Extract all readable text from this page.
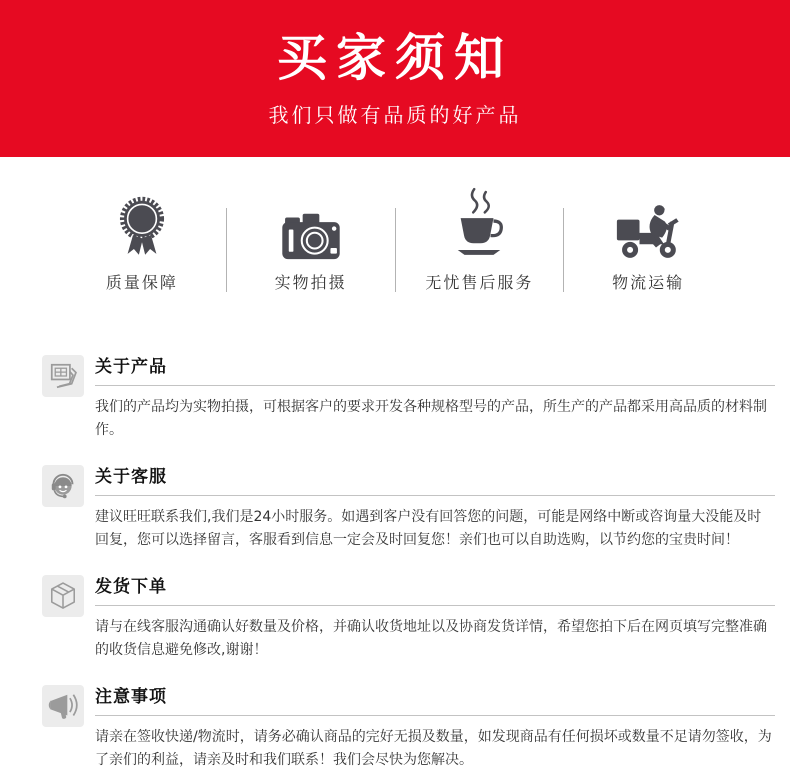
买家须知
我们只做有品质的好产品
质量保障	实物拍摄	无忧售后服务	物流运输
关于产品

我们的产品均为实物拍摄，可根据客户的要求开发各种规格型号的产品，所生产的产品都采用高品质的材料制作。

关于客服

建议旺旺联系我们,我们是24小时服务。如遇到客户没有回答您的问题，可能是网络中断或咨询量大没能及时回复，您可以选择留言，客服看到信息一定会及时回复您！亲们也可以自助选购，以节约您的宝贵时间！

发货下单

请与在线客服沟通确认好数量及价格，并确认收货地址以及协商发货详情，希望您拍下后在网页填写完整准确的收货信息避免修改,谢谢！

注意事项

请亲在签收快递/物流时，请务必确认商品的完好无损及数量，如发现商品有任何损坏或数量不足请勿签收，为了亲们的利益，请亲及时和我们联系！我们会尽快为您解决。
